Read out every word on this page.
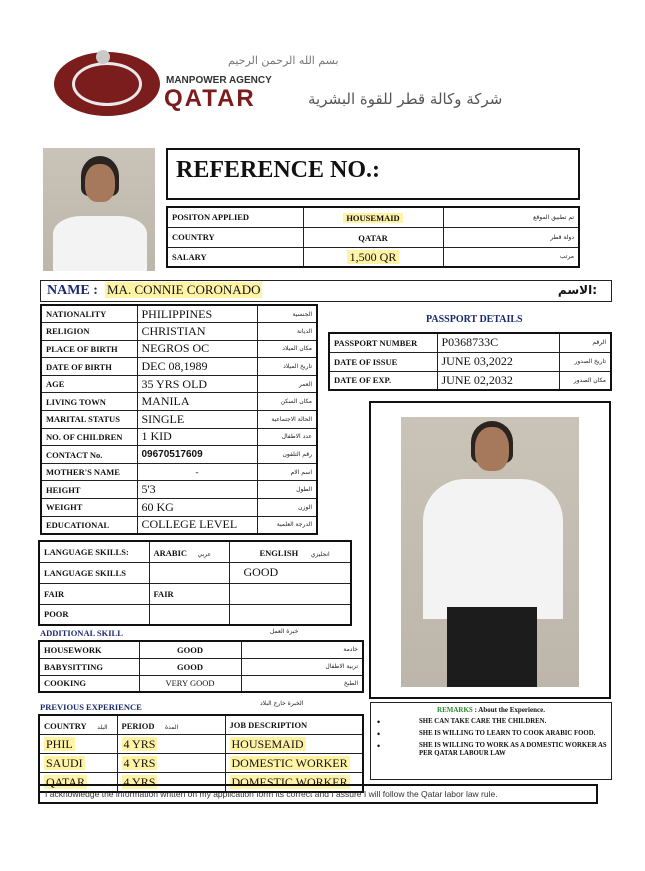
بسم الله الرحمن الرحيم
MANPOWER AGENCY
QATAR	شركة وكالة قطر للقوة البشرية
REFERENCE NO.:
POSITON APPLIED	HOUSEMAID	تم تطبيق الموقع
COUNTRY	QATAR	دولة قطر
SALARY	1,500 QR	مرتب
NAME : MA. CONNIE CORONADO	الاسم:
NATIONALITY	PHILIPPINES	الجنسية
RELIGION	CHRISTIAN	الديانة
PLACE OF BIRTH	NEGROS OC	مكان الميلاد
DATE OF BIRTH	DEC 08,1989	تاريخ الميلاد
AGE	35 YRS OLD	العمر
LIVING TOWN	MANILA	مكان السكن
MARITAL STATUS	SINGLE	الحالة الاجتماعية
NO. OF CHILDREN	1 KID	عدد الاطفال
CONTACT No.	09670517609	رقم التلفون
MOTHER'S NAME	-	اسم الام
HEIGHT	5'3	الطول
WEIGHT	60 KG	الوزن
EDUCATIONAL	COLLEGE LEVEL	الدرجة العلمية
PASSPORT DETAILS
PASSPORT NUMBER	P0368733C	الرقم
DATE OF ISSUE	JUNE 03,2022	تاريخ الصدور
DATE OF EXP.	JUNE 02,2032	مكان الصدور
LANGUAGE SKILLS:	ARABIC عربي	ENGLISH انجليزي
LANGUAGE SKILLS		GOOD
FAIR	FAIR	
POOR		
ADDITIONAL SKILL	خبرة العمل
HOUSEWORK	GOOD	خادمة
BABYSITTING	GOOD	تربية الاطفال
COOKING	VERY GOOD	الطبخ
PREVIOUS EXPERIENCE	الخبرة خارج البلاد
COUNTRY البلد	PERIOD المدة	JOB DESCRIPTION
PHIL	4 YRS	HOUSEMAID
SAUDI	4 YRS	DOMESTIC WORKER
QATAR	4 YRS	DOMESTIC WORKER
REMARKS : About the Experience.
• SHE CAN TAKE CARE THE CHILDREN.
• SHE IS WILLING TO LEARN TO COOK ARABIC FOOD.
• SHE IS WILLING TO WORK AS A DOMESTIC WORKER AS PER QATAR LABOUR LAW
I acknowledge the information written on my application form its correct and I assure I will follow the Qatar labor law rule.
